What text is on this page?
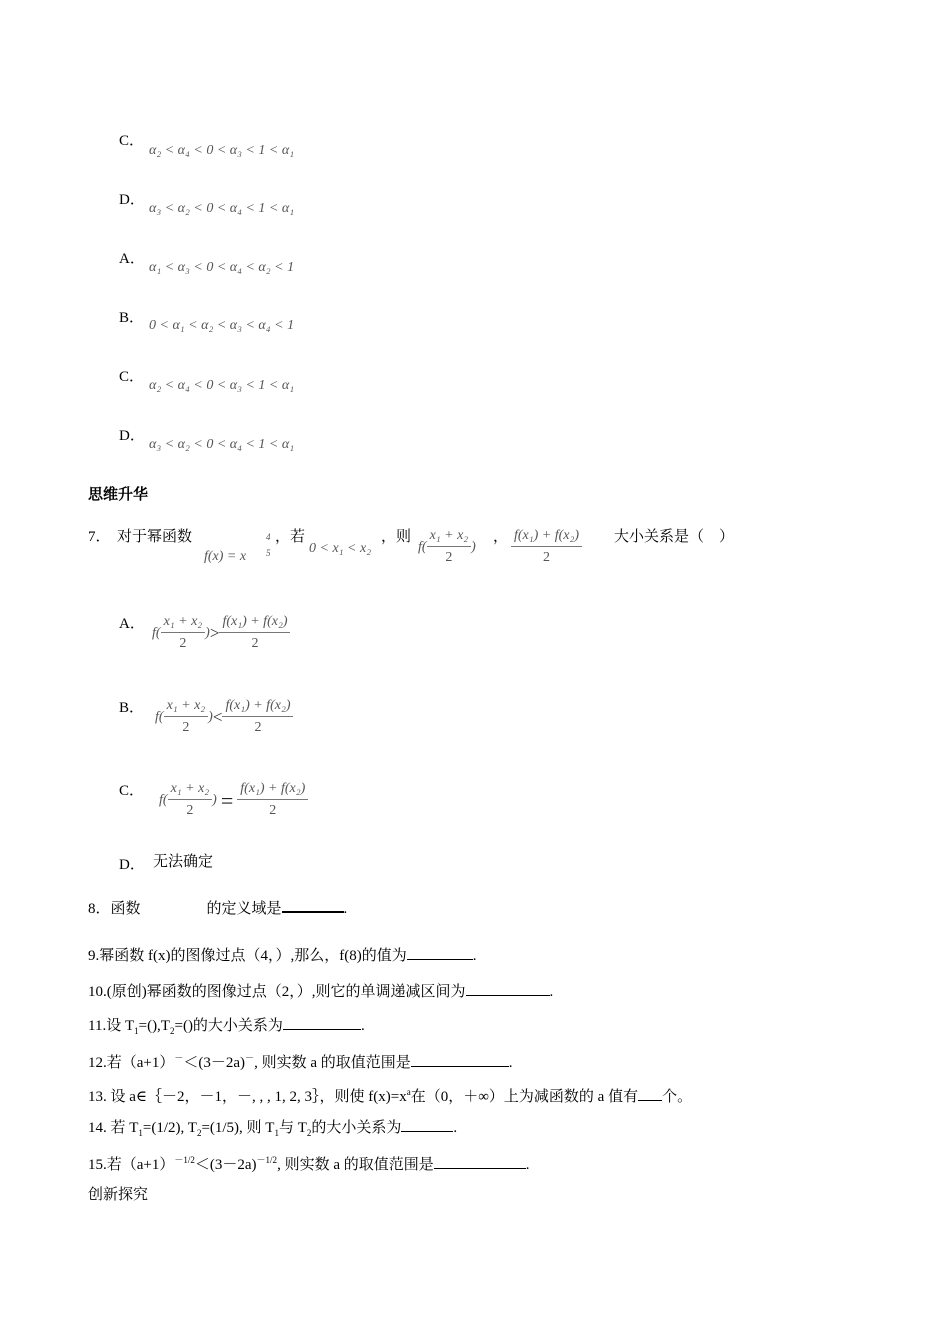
C．
α₂ < α₄ < 0 < α₃ < 1 < α₁
D．
α₃ < α₂ < 0 < α₄ < 1 < α₁
A．
α₁ < α₃ < 0 < α₄ < α₂ < 1
B． 0 < α₁ < α₂ < α₃ < α₄ < 1
C．
α₂ < α₄ < 0 < α₃ < 1 < α₁
D．
α₃ < α₂ < 0 < α₄ < 1 < α₁
思维升华
7． 对于幂函数
f(x) = x
4
5
，若
0 < x₁ < x₂
，则
$f( \frac{\text{x₁ + x₂}}{2}$ )
， $\frac{\text{f(x₁) + f(x₂)}}{2}$ 大小关系是（　）
A．
$f( \frac{\text{x₁ + x₂}}{2}$ )> $\frac{\text{f(x₁) + f(x₂)}}{2}$
B．
$f( \frac{\text{x₁ + x₂}}{2}$ )< $\frac{\text{f(x₁) + f(x₂)}}{2}$
C．
$f( \frac{\text{x₁ + x₂}}{2}$ ) = $\frac{\text{f(x₁) + f(x₂)}}{2}$
D． 无法确定
8．函数	的定义域是	.
9.幂函数 f(x)的图像过点（4，）,那么，f(8)的值为	.
10.(原创)幂函数的图像过点（2，）,则它的单调递减区间为	.
11.设 $T_1=(),T_2=()$的大小关系为	.
12.若（a+1）－＜(3－2a)－, 则实数 a 的取值范围是	.
13. 设 a∈｛－2，－1，－, , , 1, 2, 3｝，则使 $f(x)=x^a$在（0，＋∞）上为减函数的 a 值有 个。
14. 若 $T_1=(1/2)$, $T_2=(1/5)$, 则 $T_1$与 $T_2$的大小关系为	.
15.若$(a+1)^{-1/2}<(3-2a)^{-1/2}$, 则实数 a 的取值范围是	.
创新探究
